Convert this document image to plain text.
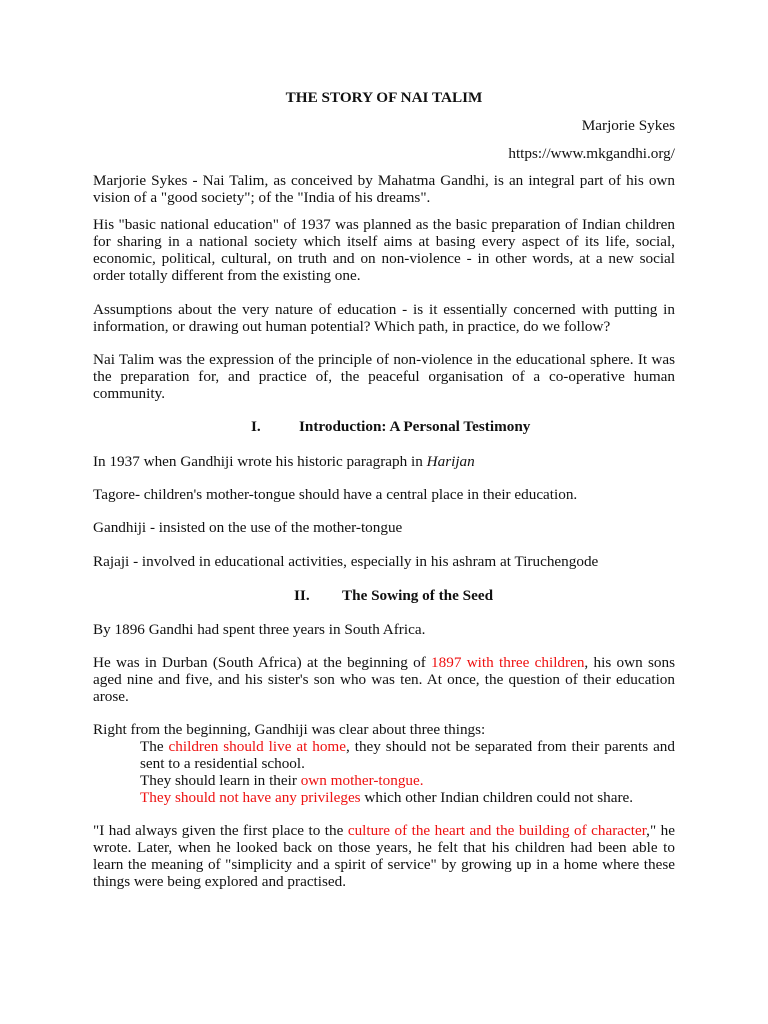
THE STORY OF NAI TALIM
Marjorie Sykes
https://www.mkgandhi.org/

Marjorie Sykes - Nai Talim, as conceived by Mahatma Gandhi, is an integral part of his own vision of a "good society"; of the "India of his dreams".

His "basic national education" of 1937 was planned as the basic preparation of Indian children for sharing in a national society which itself aims at basing every aspect of its life, social, economic, political, cultural, on truth and on non-violence - in other words, at a new social order totally different from the existing one.

Assumptions about the very nature of education - is it essentially concerned with putting in information, or drawing out human potential? Which path, in practice, do we follow?

Nai Talim was the expression of the principle of non-violence in the educational sphere. It was the preparation for, and practice of, the peaceful organisation of a co-operative human community.

I.	Introduction: A Personal Testimony

In 1937 when Gandhiji wrote his historic paragraph in Harijan

Tagore- children's mother-tongue should have a central place in their education.

Gandhiji - insisted on the use of the mother-tongue

Rajaji - involved in educational activities, especially in his ashram at Tiruchengode

II. The Sowing of the Seed

By 1896 Gandhi had spent three years in South Africa.

He was in Durban (South Africa) at the beginning of 1897 with three children, his own sons aged nine and five, and his sister's son who was ten. At once, the question of their education arose.

Right from the beginning, Gandhiji was clear about three things:

The children should live at home, they should not be separated from their parents and sent to a residential school.

They should learn in their own mother-tongue.

They should not have any privileges which other Indian children could not share.

"I had always given the first place to the culture of the heart and the building of character," he wrote. Later, when he looked back on those years, he felt that his children had been able to learn the meaning of "simplicity and a spirit of service" by growing up in a home where these things were being explored and practised.
